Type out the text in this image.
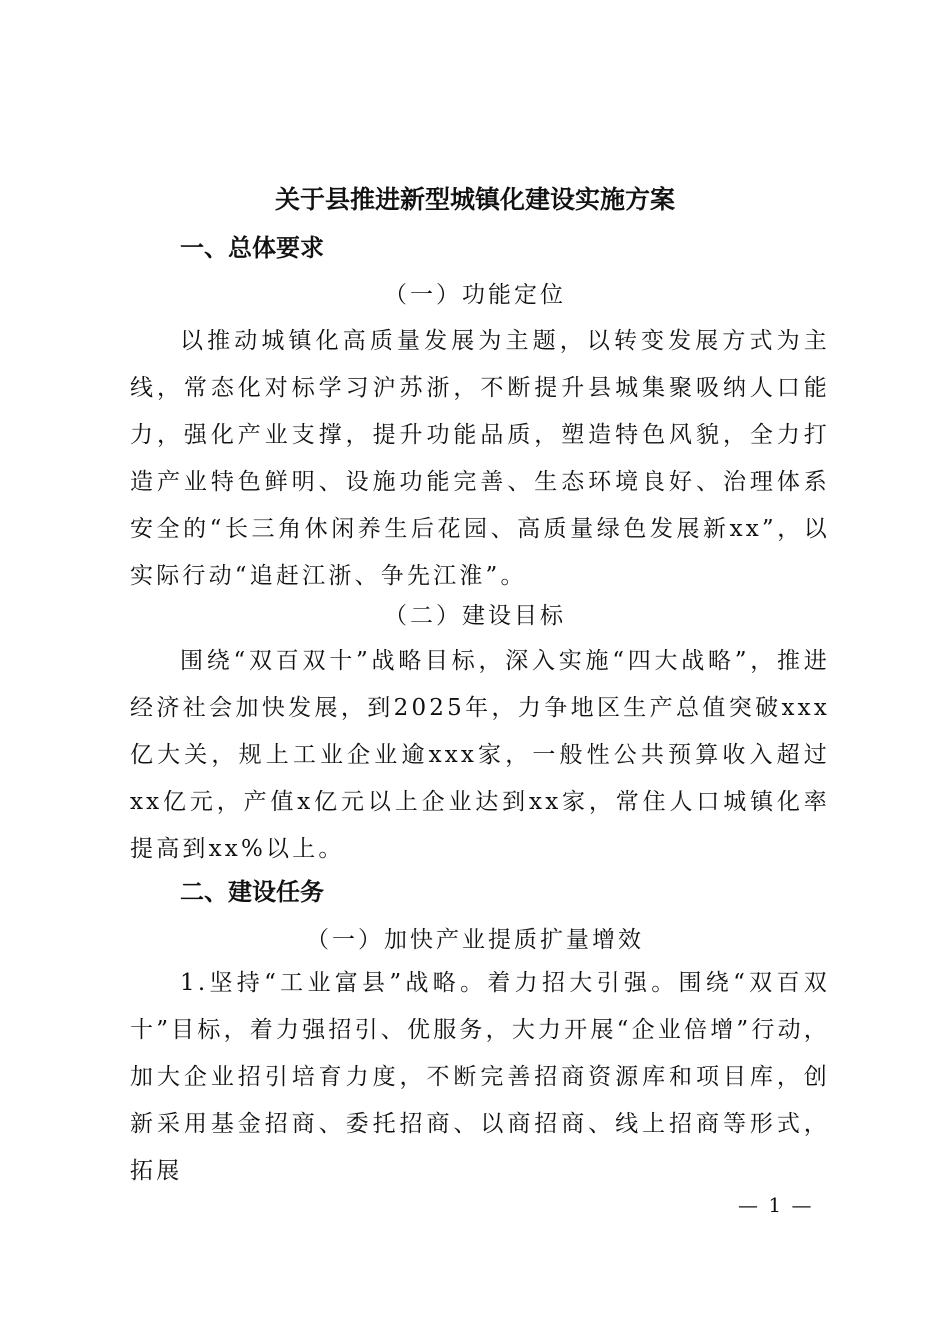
关于县推进新型城镇化建设实施方案
一、总体要求
（一）功能定位
以推动城镇化高质量发展为主题，以转变发展方式为主线，常态化对标学习沪苏浙，不断提升县城集聚吸纳人口能力，强化产业支撑，提升功能品质，塑造特色风貌，全力打造产业特色鲜明、设施功能完善、生态环境良好、治理体系安全的“长三角休闲养生后花园、高质量绿色发展新xx”，以实际行动“追赶江浙、争先江淮”。
（二）建设目标
围绕“双百双十”战略目标，深入实施“四大战略”，推进经济社会加快发展，到2025年，力争地区生产总值突破xxx亿大关，规上工业企业逾xxx家，一般性公共预算收入超过xx亿元，产值x亿元以上企业达到xx家，常住人口城镇化率提高到xx%以上。
二、建设任务
（一）加快产业提质扩量增效
1.坚持“工业富县”战略。着力招大引强。围绕“双百双十”目标，着力强招引、优服务，大力开展“企业倍增”行动，加大企业招引培育力度，不断完善招商资源库和项目库，创新采用基金招商、委托招商、以商招商、线上招商等形式，拓展
— 1 —
